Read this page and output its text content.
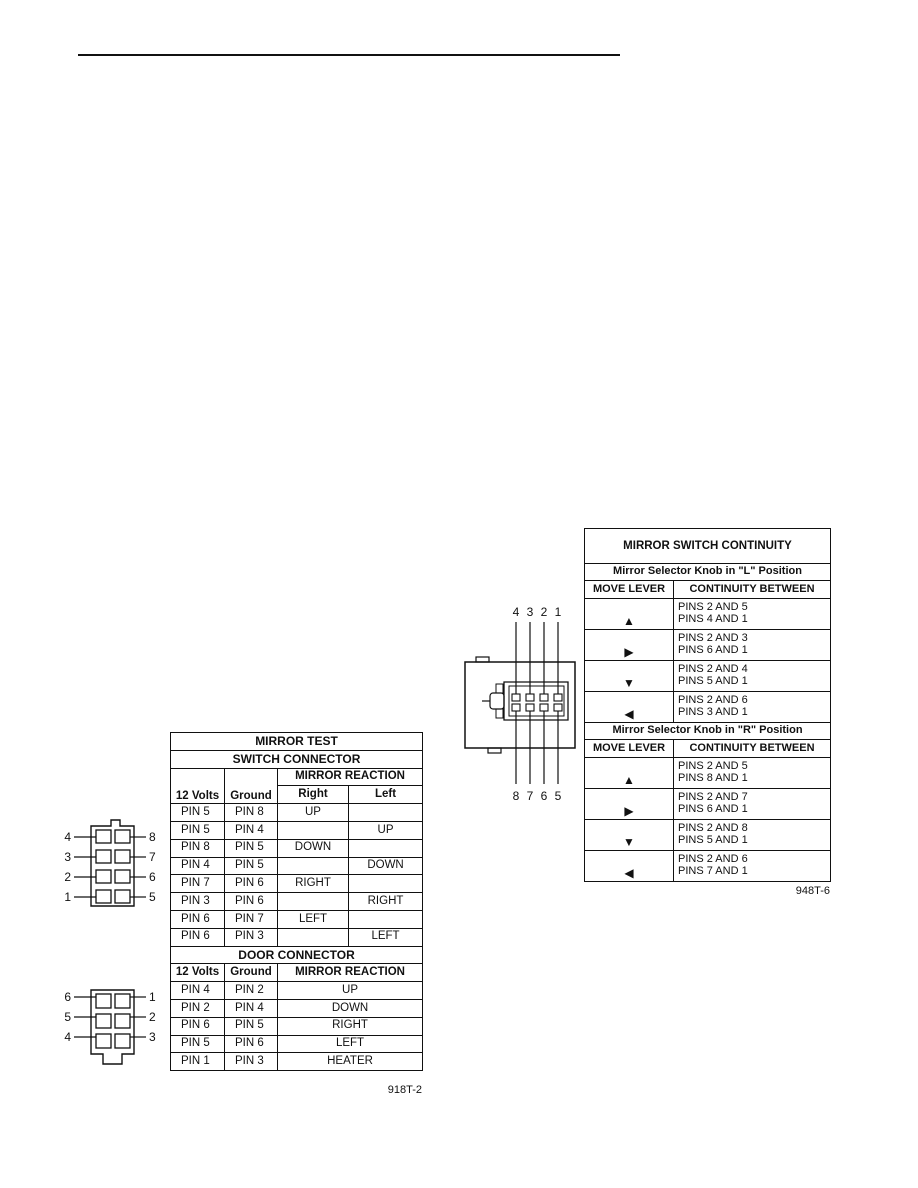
4
3
2
1
8
7
6
5
6
5
4
1
2
3
MIRROR TEST			
SWITCH CONNECTOR			
12 Volts	Ground	MIRROR REACTION	
		Right	Left
PIN 5	PIN 8	UP	
PIN 5	PIN 4		UP
PIN 8	PIN 5	DOWN	
PIN 4	PIN 5		DOWN
PIN 7	PIN 6	RIGHT	
PIN 3	PIN 6		RIGHT
PIN 6	PIN 7	LEFT	
PIN 6	PIN 3		LEFT
DOOR CONNECTOR			
12 Volts	Ground	MIRROR REACTION	
PIN 4	PIN 2	UP	
PIN 2	PIN 4	DOWN	
PIN 6	PIN 5	RIGHT	
PIN 5	PIN 6	LEFT	
PIN 1	PIN 3	HEATER	
918T-2
4 3 2 1
8 7 6 5
MIRROR SWITCH CONTINUITY	
Mirror Selector Knob in "L" Position	
MOVE LEVER	CONTINUITY BETWEEN
▲	PINS 2 AND 5
PINS 4 AND 1

▶	PINS 2 AND 3
PINS 6 AND 1

▼	PINS 2 AND 4
PINS 5 AND 1

◀	PINS 2 AND 6
PINS 3 AND 1

Mirror Selector Knob in "R" Position	
MOVE LEVER	CONTINUITY BETWEEN
▲	PINS 2 AND 5
PINS 8 AND 1

▶	PINS 2 AND 7
PINS 6 AND 1

▼	PINS 2 AND 8
PINS 5 AND 1

◀	PINS 2 AND 6
PINS 7 AND 1
948T-6
